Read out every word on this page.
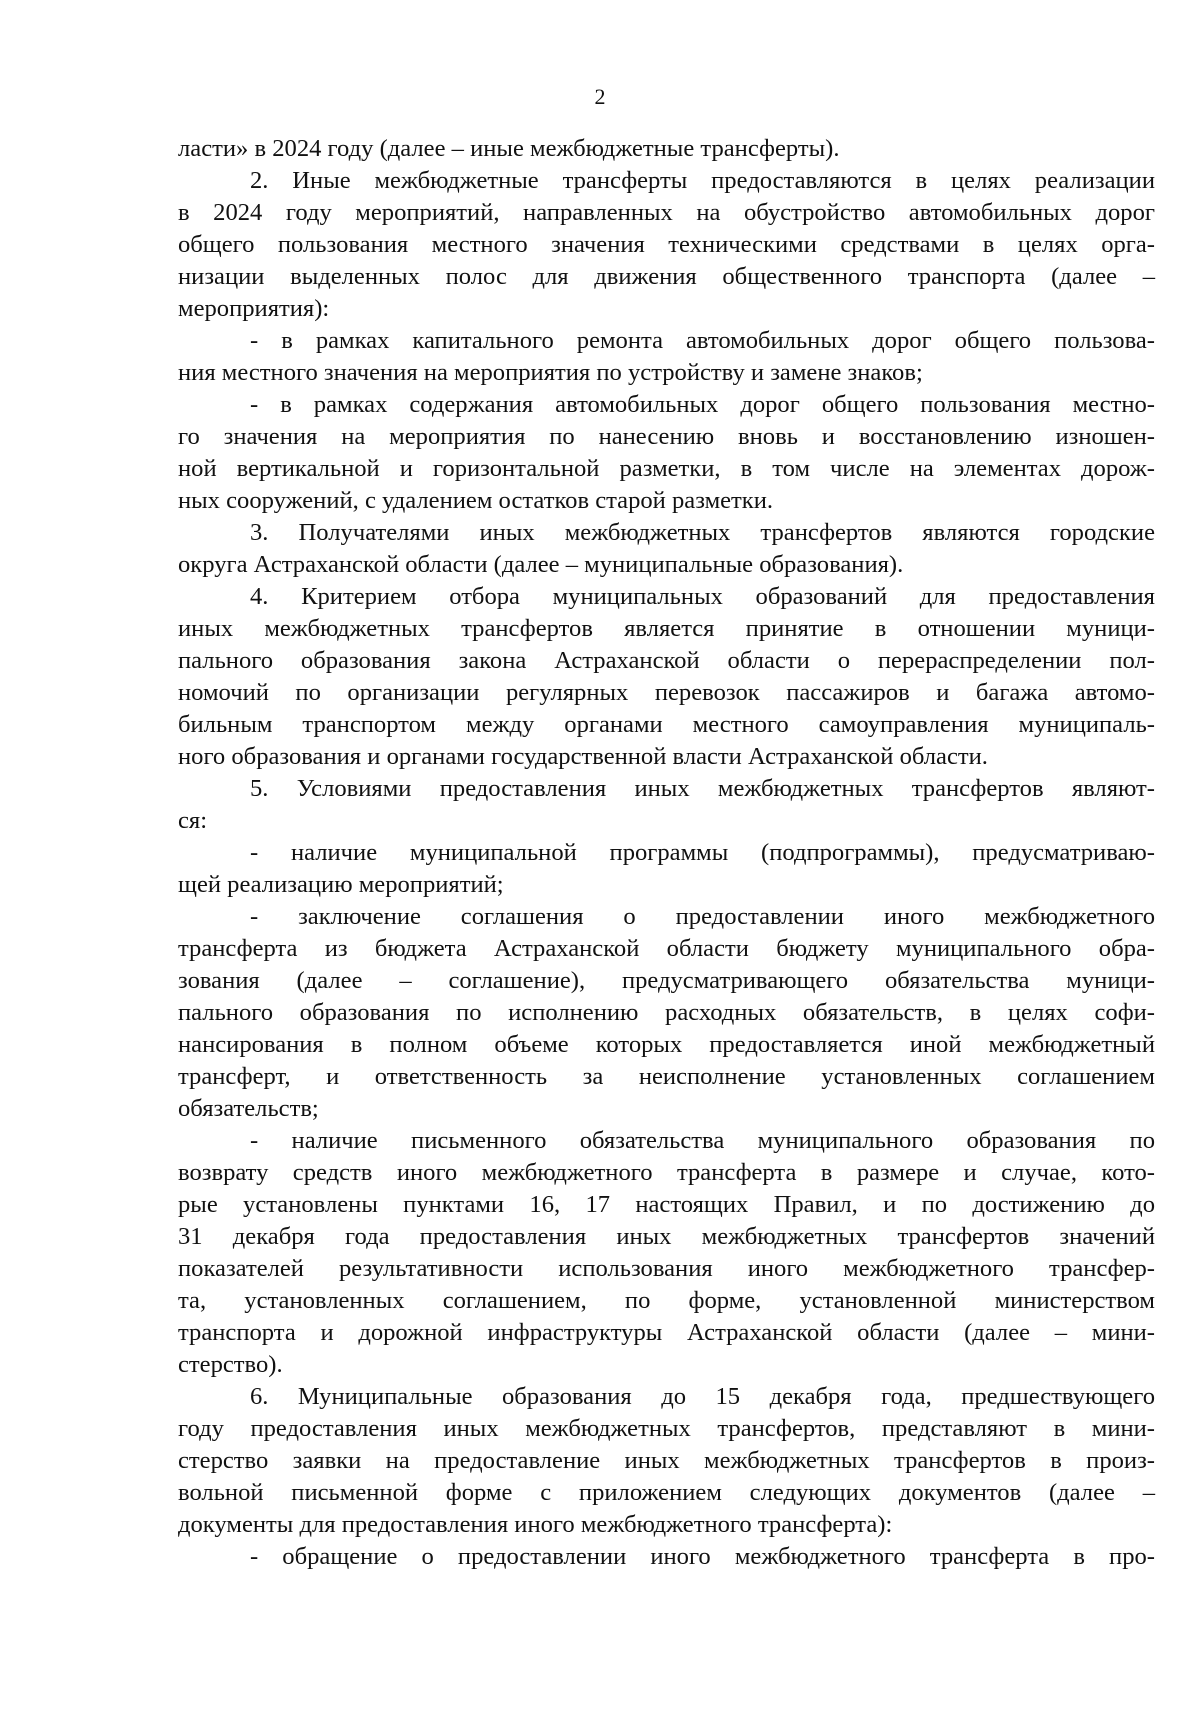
2
ласти» в 2024 году (далее – иные межбюджетные трансферты).
2. Иные межбюджетные трансферты предоставляются в целях реализации
в 2024 году мероприятий, направленных на обустройство автомобильных дорог
общего пользования местного значения техническими средствами в целях орга-
низации выделенных полос для движения общественного транспорта (далее –
мероприятия):
- в рамках капитального ремонта автомобильных дорог общего пользова-
ния местного значения на мероприятия по устройству и замене знаков;
- в рамках содержания автомобильных дорог общего пользования местно-
го значения на мероприятия по нанесению вновь и восстановлению изношен-
ной вертикальной и горизонтальной разметки, в том числе на элементах дорож-
ных сооружений, с удалением остатков старой разметки.
3. Получателями иных межбюджетных трансфертов являются городские
округа Астраханской области (далее – муниципальные образования).
4. Критерием отбора муниципальных образований для предоставления
иных межбюджетных трансфертов является принятие в отношении муници-
пального образования закона Астраханской области о перераспределении пол-
номочий по организации регулярных перевозок пассажиров и багажа автомо-
бильным транспортом между органами местного самоуправления муниципаль-
ного образования и органами государственной власти Астраханской области.
5. Условиями предоставления иных межбюджетных трансфертов являют-
ся:
- наличие муниципальной программы (подпрограммы), предусматриваю-
щей реализацию мероприятий;
- заключение соглашения о предоставлении иного межбюджетного
трансферта из бюджета Астраханской области бюджету муниципального обра-
зования (далее – соглашение), предусматривающего обязательства муници-
пального образования по исполнению расходных обязательств, в целях софи-
нансирования в полном объеме которых предоставляется иной межбюджетный
трансферт, и ответственность за неисполнение установленных соглашением
обязательств;
- наличие письменного обязательства муниципального образования по
возврату средств иного межбюджетного трансферта в размере и случае, кото-
рые установлены пунктами 16, 17 настоящих Правил, и по достижению до
31 декабря года предоставления иных межбюджетных трансфертов значений
показателей результативности использования иного межбюджетного трансфер-
та, установленных соглашением, по форме, установленной министерством
транспорта и дорожной инфраструктуры Астраханской области (далее – мини-
стерство).
6. Муниципальные образования до 15 декабря года, предшествующего
году предоставления иных межбюджетных трансфертов, представляют в мини-
стерство заявки на предоставление иных межбюджетных трансфертов в произ-
вольной письменной форме с приложением следующих документов (далее –
документы для предоставления иного межбюджетного трансферта):
- обращение о предоставлении иного межбюджетного трансферта в про-
